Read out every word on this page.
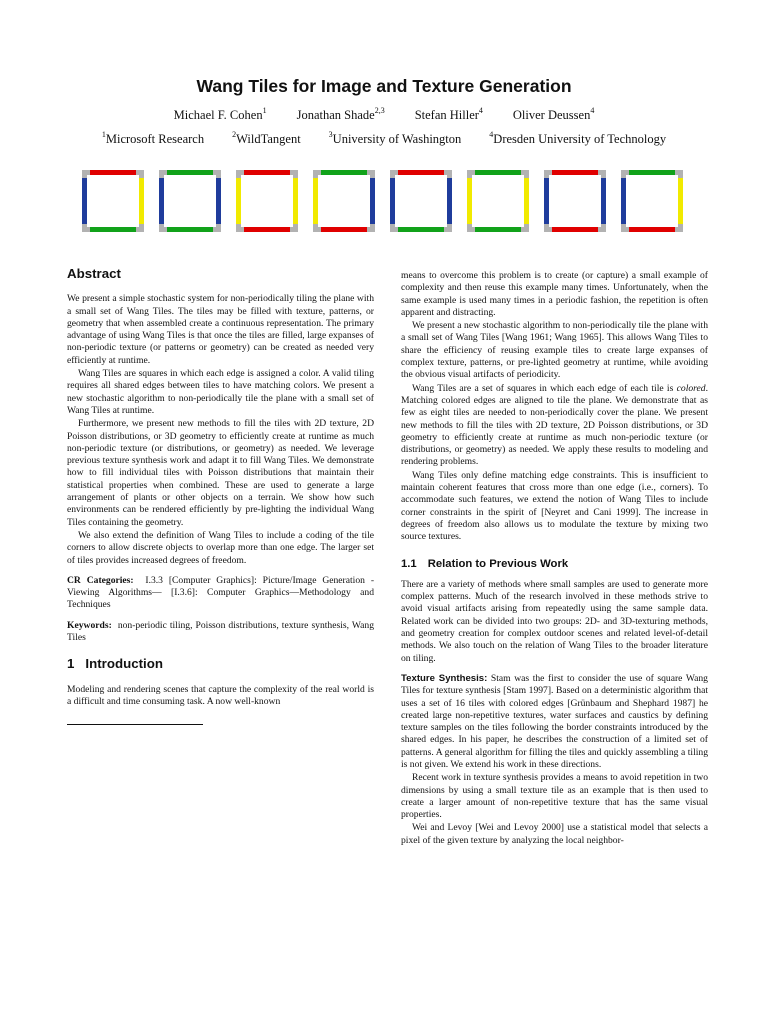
Wang Tiles for Image and Texture Generation
Michael F. Cohen$^1$ Jonathan Shade$^{2,3}$ Stefan Hiller$^4$ Oliver Deussen$^4$
$^1$Microsoft Research	$^2$WildTangent	$^3$University of Washington	$^4$Dresden University of Technology
Abstract

We present a simple stochastic system for non-periodically tiling the plane with a small set of Wang Tiles. The tiles may be filled with texture, patterns, or geometry that when assembled create a continuous representation. The primary advantage of using Wang Tiles is that once the tiles are filled, large expanses of non-periodic texture (or patterns or geometry) can be created as needed very efficiently at runtime.

Wang Tiles are squares in which each edge is assigned a color. A valid tiling requires all shared edges between tiles to have matching colors. We present a new stochastic algorithm to non-periodically tile the plane with a small set of Wang Tiles at runtime.

Furthermore, we present new methods to fill the tiles with 2D texture, 2D Poisson distributions, or 3D geometry to efficiently create at runtime as much non-periodic texture (or distributions, or geometry) as needed. We leverage previous texture synthesis work and adapt it to fill Wang Tiles. We demonstrate how to fill individual tiles with Poisson distributions that maintain their statistical properties when combined. These are used to generate a large arrangement of plants or other objects on a terrain. We show how such environments can be rendered efficiently by pre-lighting the individual Wang Tiles containing the geometry.

We also extend the definition of Wang Tiles to include a coding of the tile corners to allow discrete objects to overlap more than one edge. The larger set of tiles provides increased degrees of freedom.

CR Categories: I.3.3 [Computer Graphics]: Picture/Image Generation - Viewing Algorithms— [I.3.6]: Computer Graphics—Methodology and Techniques

Keywords: non-periodic tiling, Poisson distributions, texture synthesis, Wang Tiles

1 Introduction

Modeling and rendering scenes that capture the complexity of the real world is a difficult and time consuming task. A now well-known

means to overcome this problem is to create (or capture) a small example of complexity and then reuse this example many times. Unfortunately, when the same example is used many times in a periodic fashion, the repetition is often apparent and distracting.

We present a new stochastic algorithm to non-periodically tile the plane with a small set of Wang Tiles [Wang 1961; Wang 1965]. This allows Wang Tiles to share the efficiency of reusing example tiles to create large expanses of complex texture, patterns, or pre-lighted geometry at runtime, while avoiding the obvious visual artifacts of periodicity.

Wang Tiles are a set of squares in which each edge of each tile is colored. Matching colored edges are aligned to tile the plane. We demonstrate that as few as eight tiles are needed to non-periodically cover the plane. We present new methods to fill the tiles with 2D texture, 2D Poisson distributions, or 3D geometry to efficiently create at runtime as much non-periodic texture (or distributions, or geometry) as needed. We apply these results to modeling and rendering problems.

Wang Tiles only define matching edge constraints. This is insufficient to maintain coherent features that cross more than one edge (i.e., corners). To accommodate such features, we extend the notion of Wang Tiles to include corner constraints in the spirit of [Neyret and Cani 1999]. The increase in degrees of freedom also allows us to modulate the texture by mixing two source textures.

1.1 Relation to Previous Work

There are a variety of methods where small samples are used to generate more complex patterns. Much of the research involved in these methods strive to avoid visual artifacts arising from repeatedly using the same sample data. Related work can be divided into two groups: 2D- and 3D-texturing methods, and geometry creation for complex outdoor scenes and related level-of-detail methods. We also touch on the relation of Wang Tiles to the broader literature on tiling.

Texture Synthesis: Stam was the first to consider the use of square Wang Tiles for texture synthesis [Stam 1997]. Based on a deterministic algorithm that uses a set of 16 tiles with colored edges [Grünbaum and Shephard 1987] he created large non-repetitive textures, water surfaces and caustics by defining texture samples on the tiles following the border constraints introduced by the shared edges. In his paper, he describes the construction of a limited set of patterns. A general algorithm for filling the tiles and quickly assembling a tiling is not given. We extend his work in these directions.

Recent work in texture synthesis provides a means to avoid repetition in two dimensions by using a small texture tile as an example that is then used to create a larger amount of non-repetitive texture that has the same visual properties.

Wei and Levoy [Wei and Levoy 2000] use a statistical model that selects a pixel of the given texture by analyzing the local neighbor-
